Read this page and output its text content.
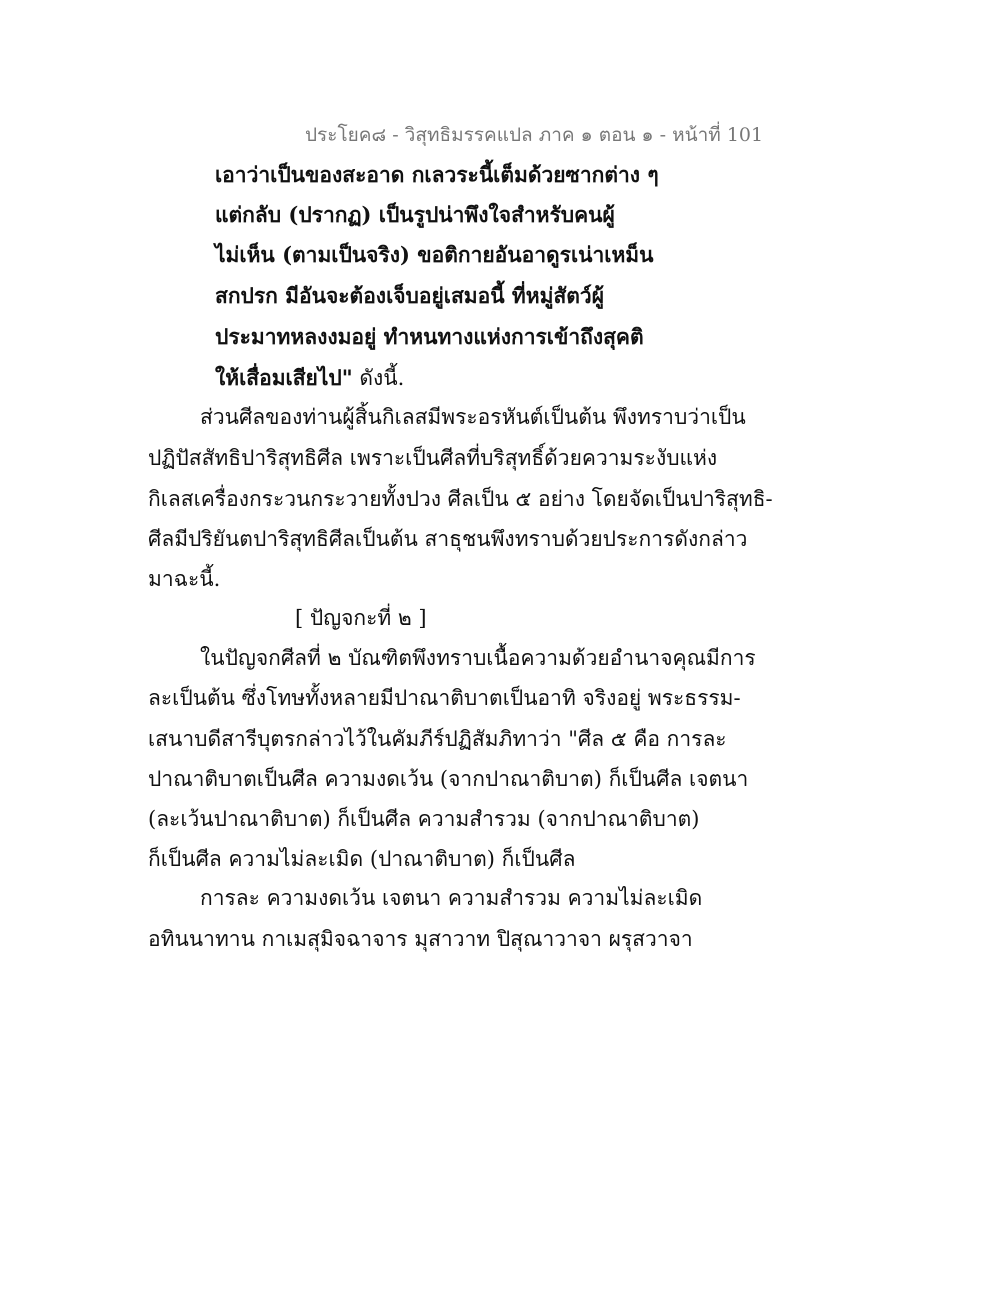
ประโยค๘ - วิสุทธิมรรคแปล ภาค ๑ ตอน ๑ - หน้าที่ 101
เอาว่าเป็นของสะอาด กเลวระนี้เต็มด้วยซากต่าง ๆ
แต่กลับ (ปรากฏ) เป็นรูปน่าพึงใจสำหรับคนผู้
ไม่เห็น (ตามเป็นจริง) ขอติกายอันอาดูรเน่าเหม็น
สกปรก มีอันจะต้องเจ็บอยู่เสมอนี้ ที่หมู่สัตว์ผู้
ประมาทหลงงมอยู่ ทำหนทางแห่งการเข้าถึงสุคติ
ให้เสื่อมเสียไป" ดังนี้.
ส่วนศีลของท่านผู้สิ้นกิเลสมีพระอรหันต์เป็นต้น พึงทราบว่าเป็น
ปฏิปัสสัทธิปาริสุทธิศีล เพราะเป็นศีลที่บริสุทธิ์ด้วยความระงับแห่ง
กิเลสเครื่องกระวนกระวายทั้งปวง ศีลเป็น ๕ อย่าง โดยจัดเป็นปาริสุทธิ-
ศีลมีปริยันตปาริสุทธิศีลเป็นต้น สาธุชนพึงทราบด้วยประการดังกล่าว
มาฉะนี้.
[ ปัญจกะที่ ๒ ]
ในปัญจกศีลที่ ๒ บัณฑิตพึงทราบเนื้อความด้วยอำนาจคุณมีการ
ละเป็นต้น ซึ่งโทษทั้งหลายมีปาณาติบาตเป็นอาทิ จริงอยู่ พระธรรม-
เสนาบดีสารีบุตรกล่าวไว้ในคัมภีร์ปฏิสัมภิทาว่า "ศีล ๕ คือ การละ
ปาณาติบาตเป็นศีล ความงดเว้น (จากปาณาติบาต) ก็เป็นศีล เจตนา
(ละเว้นปาณาติบาต) ก็เป็นศีล ความสำรวม (จากปาณาติบาต)
ก็เป็นศีล ความไม่ละเมิด (ปาณาติบาต) ก็เป็นศีล
การละ ความงดเว้น เจตนา ความสำรวม ความไม่ละเมิด
อทินนาทาน กาเมสุมิจฉาจาร มุสาวาท ปิสุณาวาจา ผรุสวาจา
